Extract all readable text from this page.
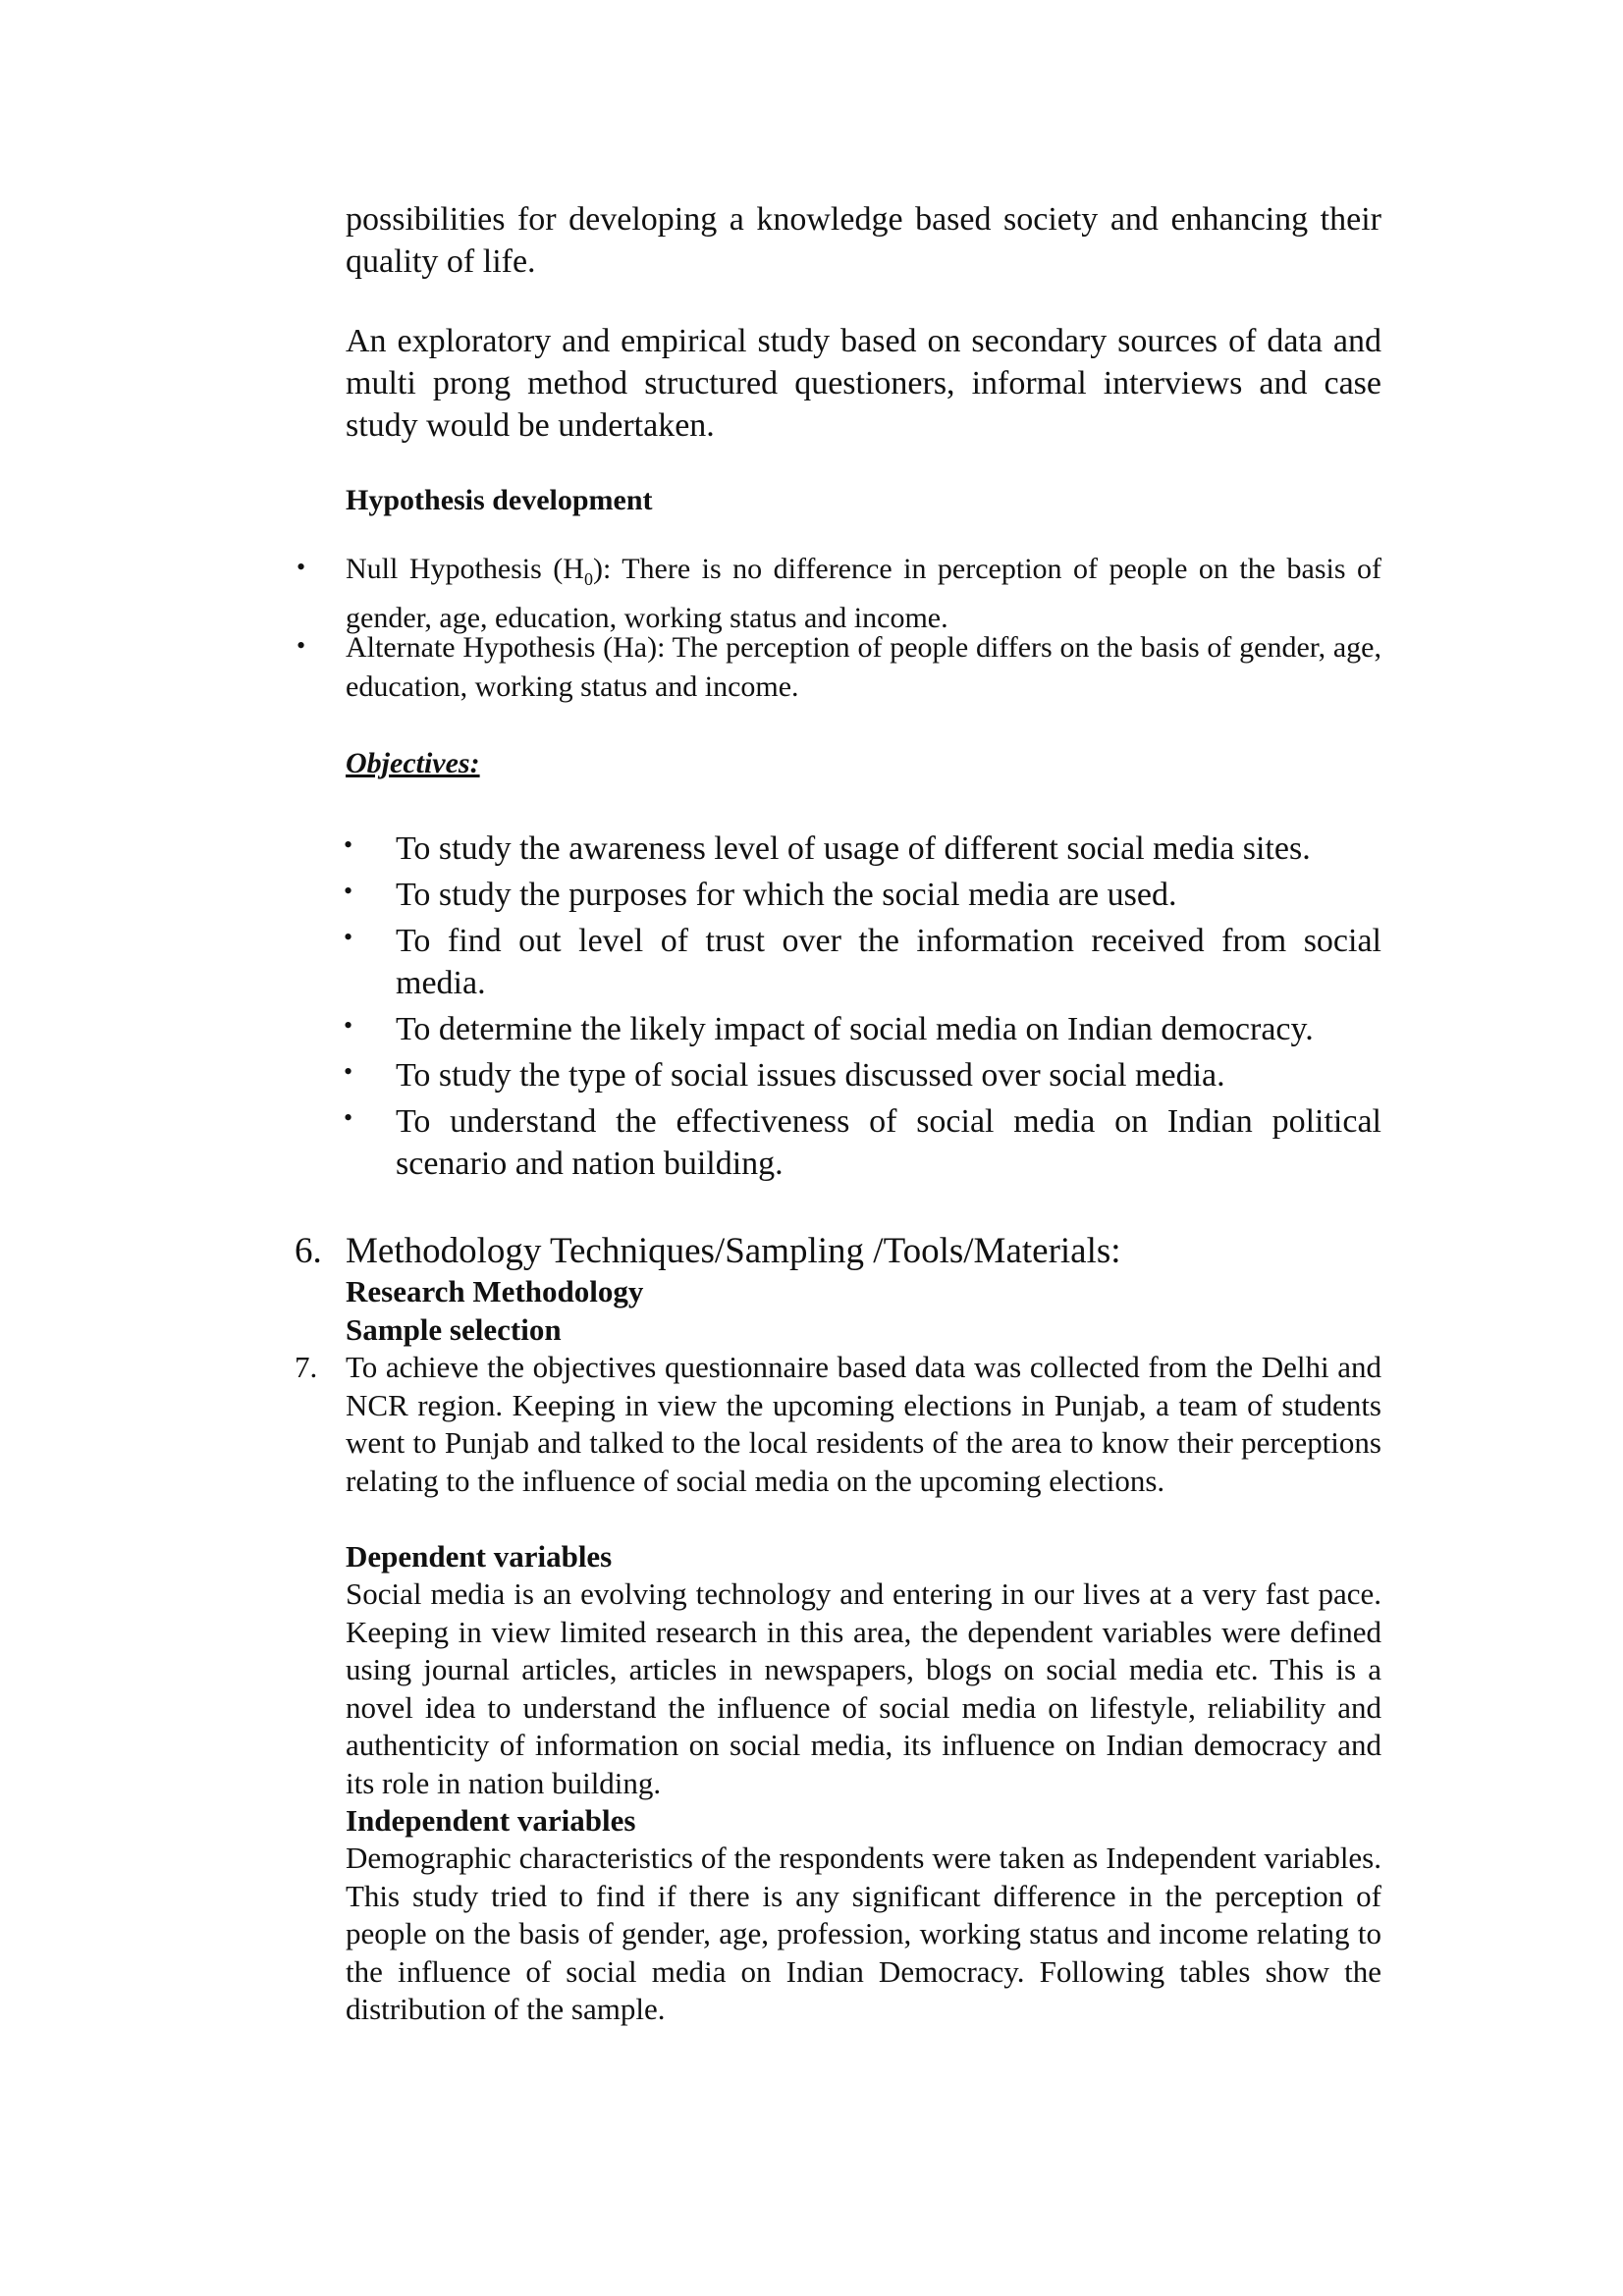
possibilities for developing a knowledge based society and enhancing their quality of life.
An exploratory and empirical study based on secondary sources of data and multi prong method structured questioners, informal interviews and case study would be undertaken.
Hypothesis development
• Null Hypothesis $(H_0)$: There is no difference in perception of people on the basis of gender, age, education, working status and income.
• Alternate Hypothesis (Ha): The perception of people differs on the basis of gender, age, education, working status and income.
Objectives:
• To study the awareness level of usage of different social media sites.
• To study the purposes for which the social media are used.
• To find out level of trust over the information received from social media.
• To determine the likely impact of social media on Indian democracy.
• To study the type of social issues discussed over social media.
• To understand the effectiveness of social media on Indian political scenario and nation building.
6. Methodology Techniques/Sampling /Tools/Materials:
Research Methodology
Sample selection
7. To achieve the objectives questionnaire based data was collected from the Delhi and NCR region. Keeping in view the upcoming elections in Punjab, a team of students went to Punjab and talked to the local residents of the area to know their perceptions relating to the influence of social media on the upcoming elections.
Dependent variables
Social media is an evolving technology and entering in our lives at a very fast pace. Keeping in view limited research in this area, the dependent variables were defined using journal articles, articles in newspapers, blogs on social media etc. This is a novel idea to understand the influence of social media on lifestyle, reliability and authenticity of information on social media, its influence on Indian democracy and its role in nation building.
Independent variables
Demographic characteristics of the respondents were taken as Independent variables. This study tried to find if there is any significant difference in the perception of people on the basis of gender, age, profession, working status and income relating to the influence of social media on Indian Democracy. Following tables show the distribution of the sample.
